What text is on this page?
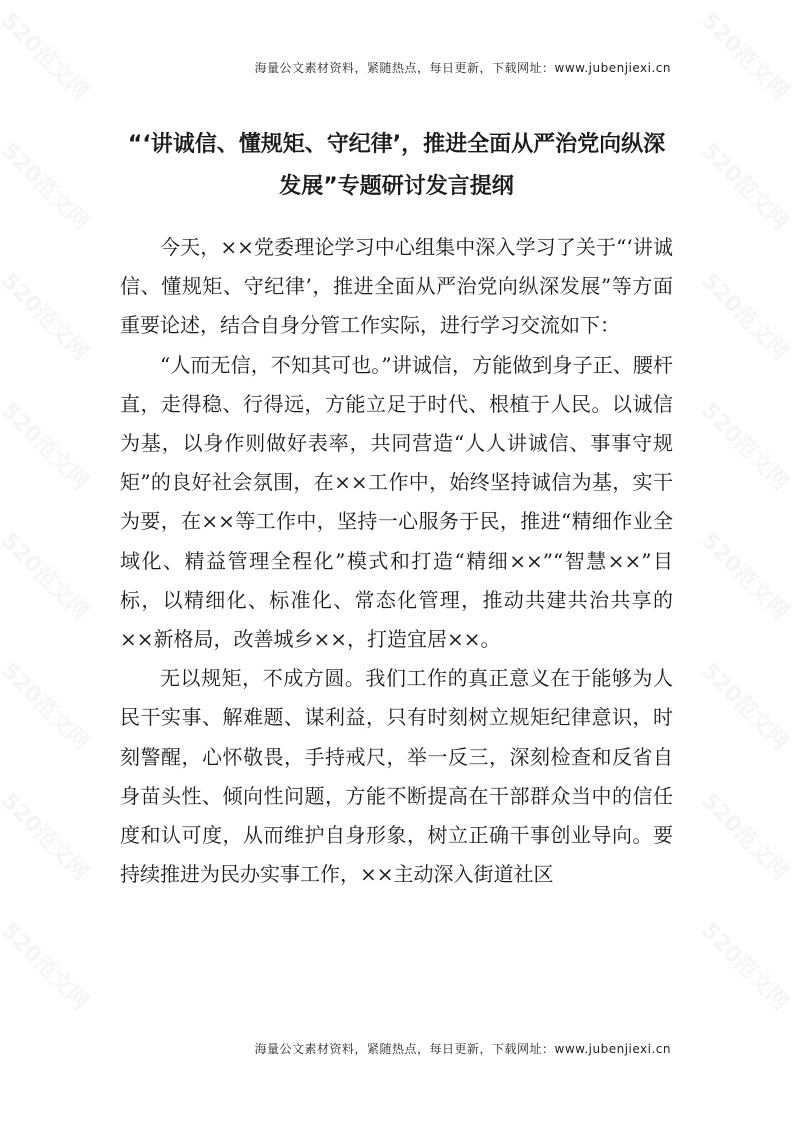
海量公文素材资料，紧随热点，每日更新，下载网址：www.jubenjiexi.cn
“‘讲诚信、懂规矩、守纪律’，推进全面从严治党向纵深发展”专题研讨发言提纲

今天，××党委理论学习中心组集中深入学习了关于“‘讲诚信、懂规矩、守纪律’，推进全面从严治党向纵深发展”等方面重要论述，结合自身分管工作实际，进行学习交流如下：

“人而无信，不知其可也。”讲诚信，方能做到身子正、腰杆直，走得稳、行得远，方能立足于时代、根植于人民。以诚信为基，以身作则做好表率，共同营造“人人讲诚信、事事守规矩”的良好社会氛围，在××工作中，始终坚持诚信为基，实干为要，在××等工作中，坚持一心服务于民，推进“精细作业全域化、精益管理全程化”模式和打造“精细××”“智慧××”目标，以精细化、标准化、常态化管理，推动共建共治共享的××新格局，改善城乡××，打造宜居××。

无以规矩，不成方圆。我们工作的真正意义在于能够为人民干实事、解难题、谋利益，只有时刻树立规矩纪律意识，时刻警醒，心怀敬畏，手持戒尺，举一反三，深刻检查和反省自身苗头性、倾向性问题，方能不断提高在干部群众当中的信任度和认可度，从而维护自身形象，树立正确干事创业导向。要持续推进为民办实事工作，××主动深入街道社区

海量公文素材资料，紧随热点，每日更新，下载网址：www.jubenjiexi.cn
